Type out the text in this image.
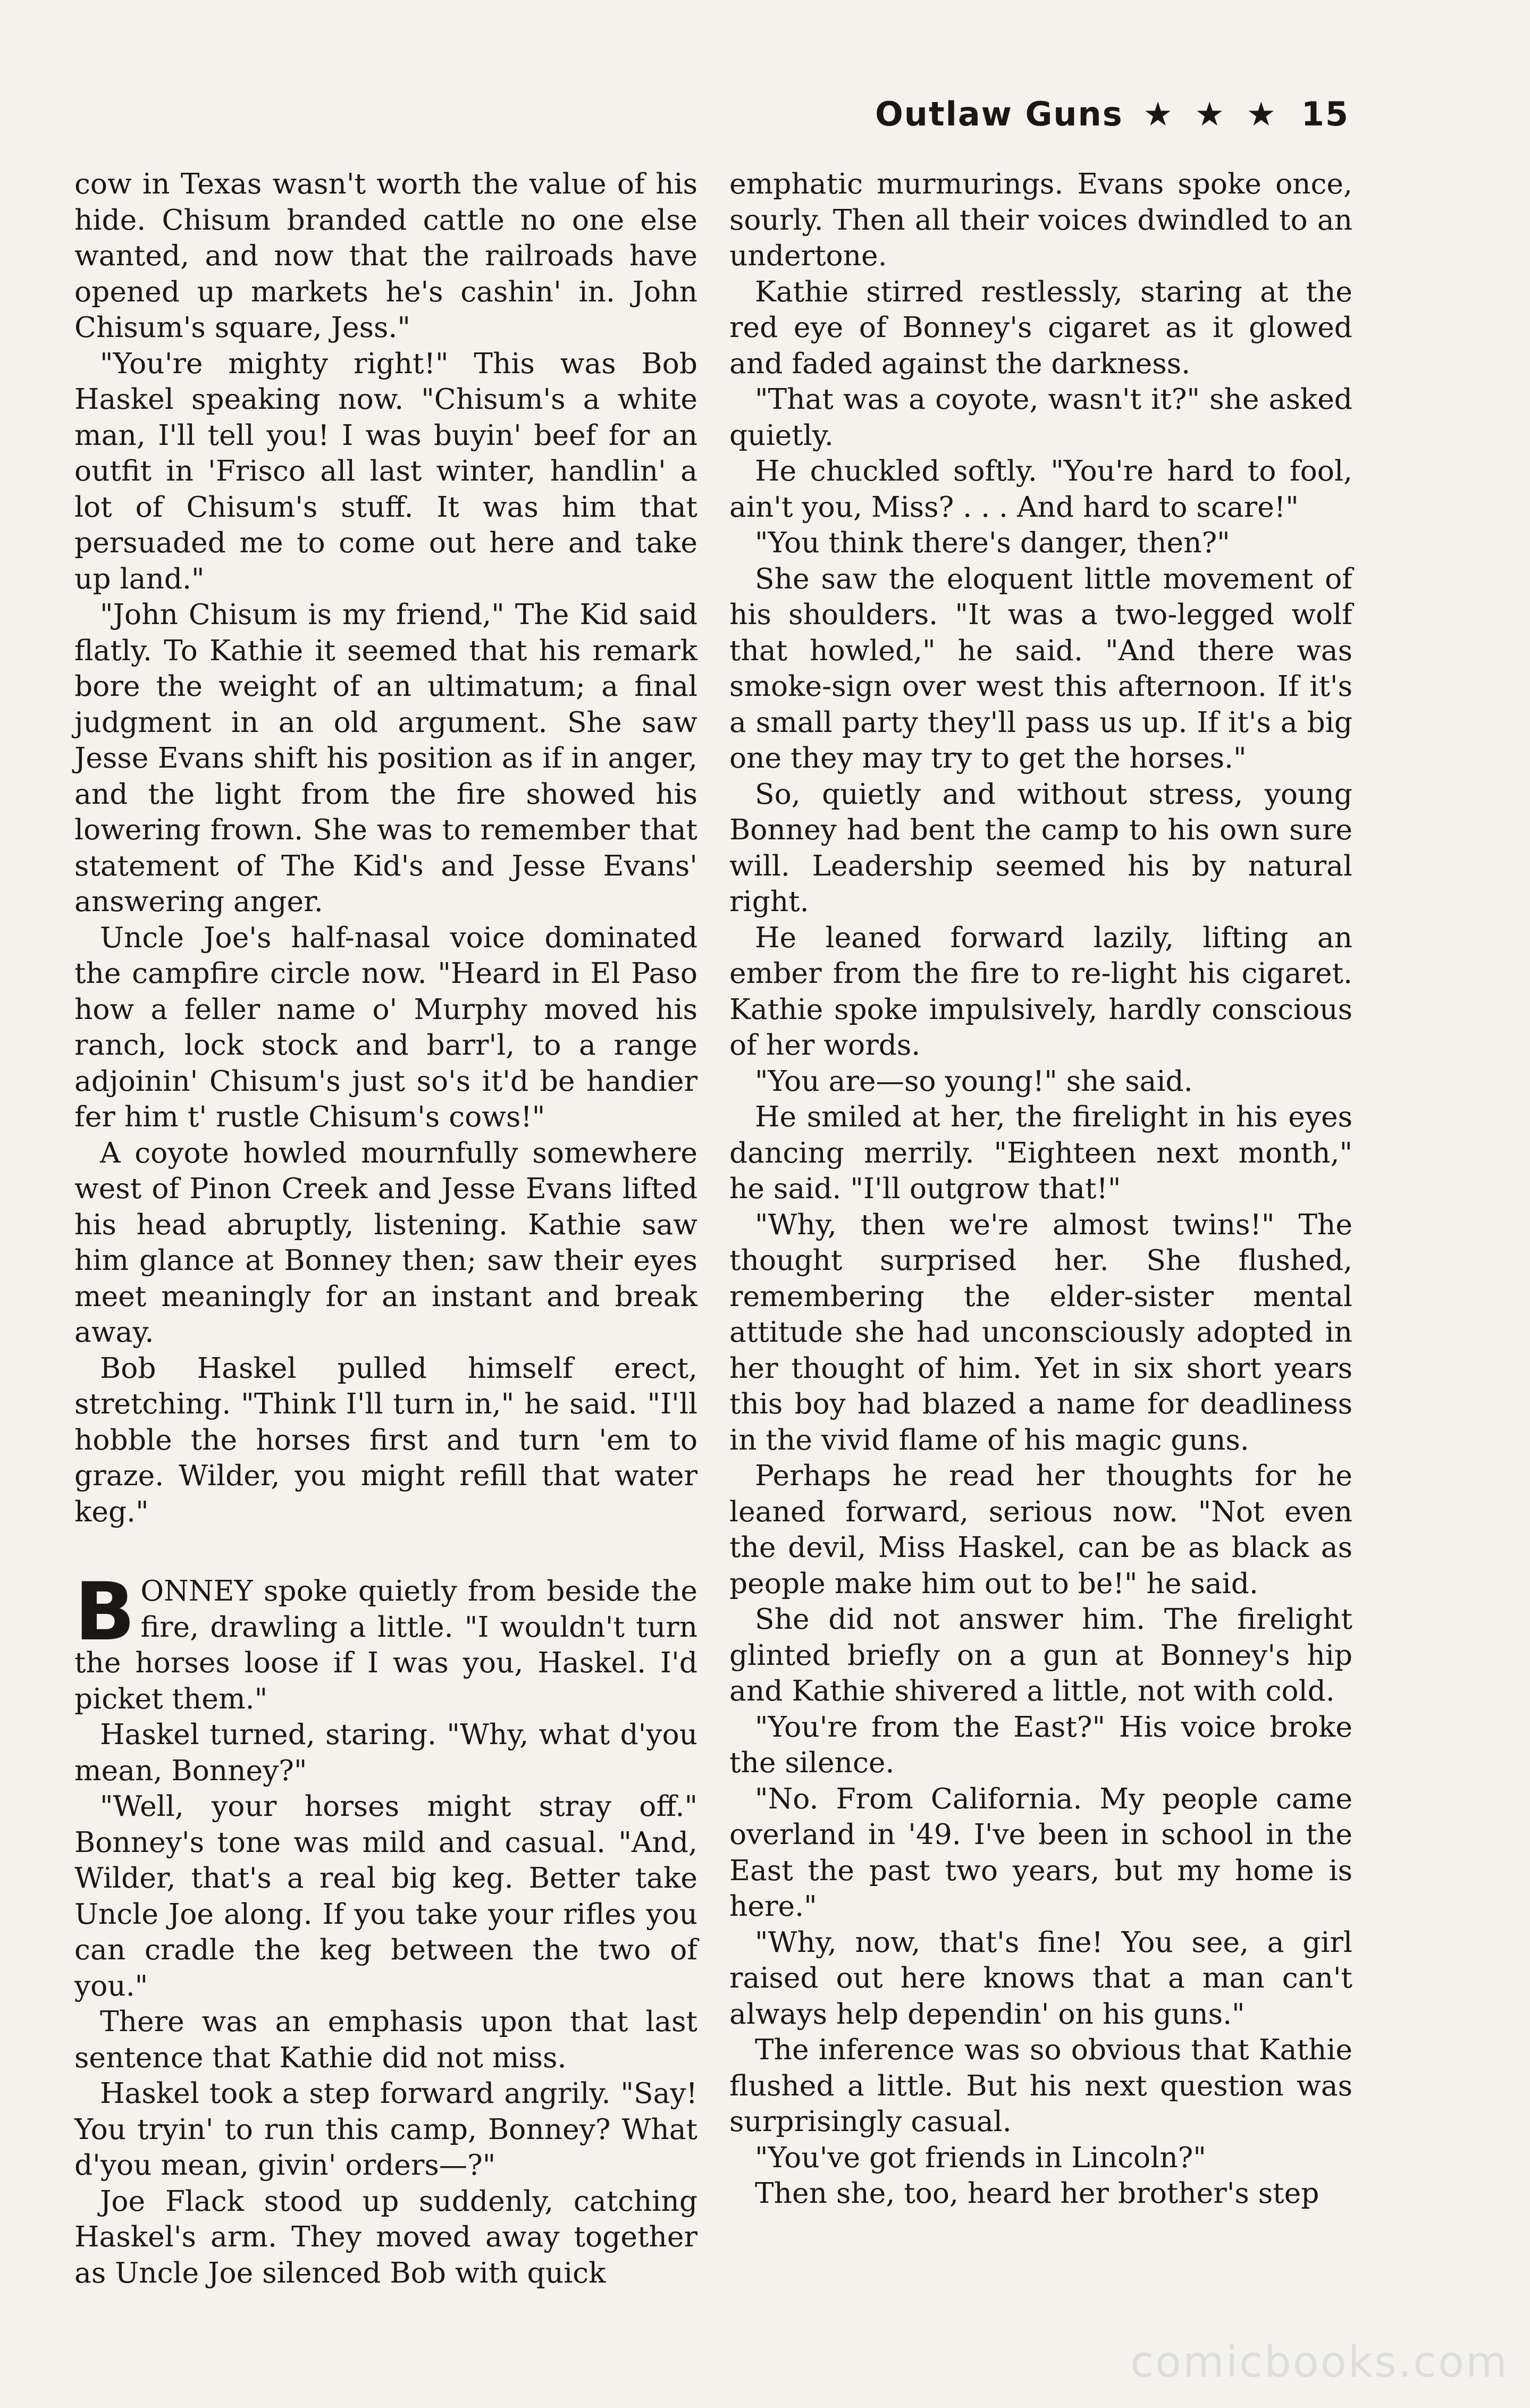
Outlaw Guns ★ ★ ★ 15

cow in Texas wasn't worth the value of his hide. Chisum branded cattle no one else wanted, and now that the railroads have opened up markets he's cashin' in. John Chisum's square, Jess."

"You're mighty right!" This was Bob Haskel speaking now. "Chisum's a white man, I'll tell you! I was buyin' beef for an outfit in 'Frisco all last winter, handlin' a lot of Chisum's stuff. It was him that persuaded me to come out here and take up land."

"John Chisum is my friend," The Kid said flatly. To Kathie it seemed that his remark bore the weight of an ultimatum; a final judgment in an old argument. She saw Jesse Evans shift his position as if in anger, and the light from the fire showed his lowering frown. She was to remember that statement of The Kid's and Jesse Evans' answering anger.

Uncle Joe's half-nasal voice dominated the campfire circle now. "Heard in El Paso how a feller name o' Murphy moved his ranch, lock stock and barr'l, to a range adjoinin' Chisum's just so's it'd be handier fer him t' rustle Chisum's cows!"

A coyote howled mournfully somewhere west of Pinon Creek and Jesse Evans lifted his head abruptly, listening. Kathie saw him glance at Bonney then; saw their eyes meet meaningly for an instant and break away.

Bob Haskel pulled himself erect, stretching. "Think I'll turn in," he said. "I'll hobble the horses first and turn 'em to graze. Wilder, you might refill that water keg."

BONNEY spoke quietly from beside the fire, drawling a little. "I wouldn't turn the horses loose if I was you, Haskel. I'd picket them."

Haskel turned, staring. "Why, what d'you mean, Bonney?"

"Well, your horses might stray off." Bonney's tone was mild and casual. "And, Wilder, that's a real big keg. Better take Uncle Joe along. If you take your rifles you can cradle the keg between the two of you."

There was an emphasis upon that last sentence that Kathie did not miss.

Haskel took a step forward angrily. "Say! You tryin' to run this camp, Bonney? What d'you mean, givin' orders—?"

Joe Flack stood up suddenly, catching Haskel's arm. They moved away together as Uncle Joe silenced Bob with quick

emphatic murmurings. Evans spoke once, sourly. Then all their voices dwindled to an undertone.

Kathie stirred restlessly, staring at the red eye of Bonney's cigaret as it glowed and faded against the darkness.

"That was a coyote, wasn't it?" she asked quietly.

He chuckled softly. "You're hard to fool, ain't you, Miss? . . . And hard to scare!"

"You think there's danger, then?"

She saw the eloquent little movement of his shoulders. "It was a two-legged wolf that howled," he said. "And there was smoke-sign over west this afternoon. If it's a small party they'll pass us up. If it's a big one they may try to get the horses."

So, quietly and without stress, young Bonney had bent the camp to his own sure will. Leadership seemed his by natural right.

He leaned forward lazily, lifting an ember from the fire to re-light his cigaret. Kathie spoke impulsively, hardly conscious of her words.

"You are—so young!" she said.

He smiled at her, the firelight in his eyes dancing merrily. "Eighteen next month," he said. "I'll outgrow that!"

"Why, then we're almost twins!" The thought surprised her. She flushed, remembering the elder-sister mental attitude she had unconsciously adopted in her thought of him. Yet in six short years this boy had blazed a name for deadliness in the vivid flame of his magic guns.

Perhaps he read her thoughts for he leaned forward, serious now. "Not even the devil, Miss Haskel, can be as black as people make him out to be!" he said.

She did not answer him. The firelight glinted briefly on a gun at Bonney's hip and Kathie shivered a little, not with cold.

"You're from the East?" His voice broke the silence.

"No. From California. My people came overland in '49. I've been in school in the East the past two years, but my home is here."

"Why, now, that's fine! You see, a girl raised out here knows that a man can't always help dependin' on his guns."

The inference was so obvious that Kathie flushed a little. But his next question was surprisingly casual.

"You've got friends in Lincoln?"

Then she, too, heard her brother's step

comicbooks.com
